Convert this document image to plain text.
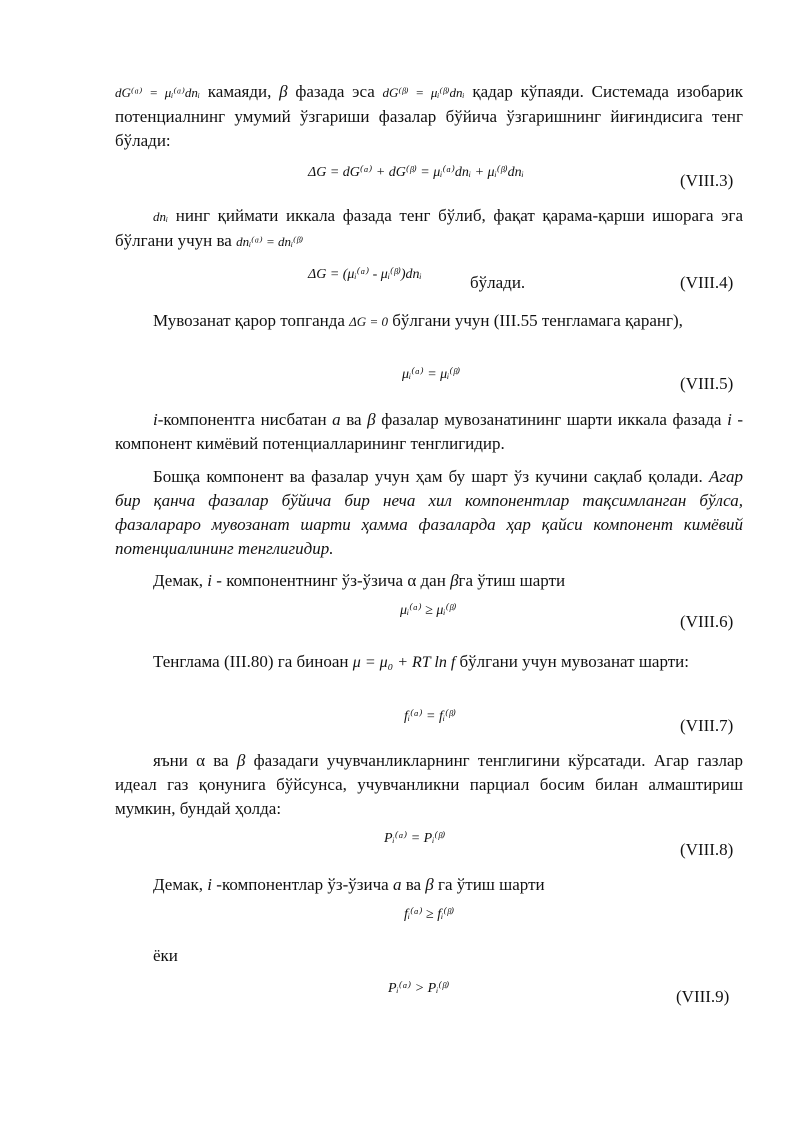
dG⁽ᵅ⁾ = μᵢ⁽ᵅ⁾dnᵢ камаяди, β фазада эса dG⁽ᵝ⁾ = μᵢ⁽ᵝ⁾dnᵢ қадар кўпаяди. Системада изобарик потенциалнинг умумий ўзгариши фазалар бўйича ўзгаришнинг йиғиндисига тенг бўлади:

ΔG = dG⁽ᵅ⁾ + dG⁽ᵝ⁾ = μᵢ⁽ᵅ⁾dnᵢ + μᵢ⁽ᵝ⁾dnᵢ	(VIII.3)

dnᵢ нинг қиймати иккала фазада тенг бўлиб, фақат қарама-қарши ишорага эга бўлгани учун ва dnᵢ⁽ᵅ⁾ = dnᵢ⁽ᵝ⁾

ΔG = (μᵢ⁽ᵅ⁾ - μᵢ⁽ᵝ⁾)dnᵢ	бўлади.	(VIII.4)

Мувозанат қарор топганда ΔG = 0 бўлгани учун (III.55 тенгламага қаранг),

μᵢ⁽ᵅ⁾ = μᵢ⁽ᵝ⁾	(VIII.5)

i-компонентга нисбатан a ва β фазалар мувозанатининг шарти иккала фазада i - компонент кимёвий потенциалларининг тенглигидир.

Бошқа компонент ва фазалар учун ҳам бу шарт ўз кучини сақлаб қолади. Агар бир қанча фазалар бўйича бир неча хил компонентлар тақсимланган бўлса, фазалараро мувозанат шарти ҳамма фазаларда ҳар қайси компонент кимёвий потенциалининг тенглигидир.

Демак, i - компонентнинг ўз-ўзича α дан βга ўтиш шарти

μᵢ⁽ᵅ⁾ ≥ μᵢ⁽ᵝ⁾
(VIII.6)

Тенглама (III.80) га биноан μ = μ₀ + RT ln f бўлгани учун мувозанат шарти:

fᵢ⁽ᵅ⁾ = fᵢ⁽ᵝ⁾	(VIII.7)

яъни α ва β фазадаги учувчанликларнинг тенглигини кўрсатади. Агар газлар идеал газ қонунига бўйсунса, учувчанликни парциал босим билан алмаштириш мумкин, бундай ҳолда:

Pᵢ⁽ᵅ⁾ = Pᵢ⁽ᵝ⁾
(VIII.8)

Демак, i -компонентлар ўз-ўзича a ва β га ўтиш шарти

fᵢ⁽ᵅ⁾ ≥ fᵢ⁽ᵝ⁾

ёки

Pᵢ⁽ᵅ⁾ > Pᵢ⁽ᵝ⁾	(VIII.9)
